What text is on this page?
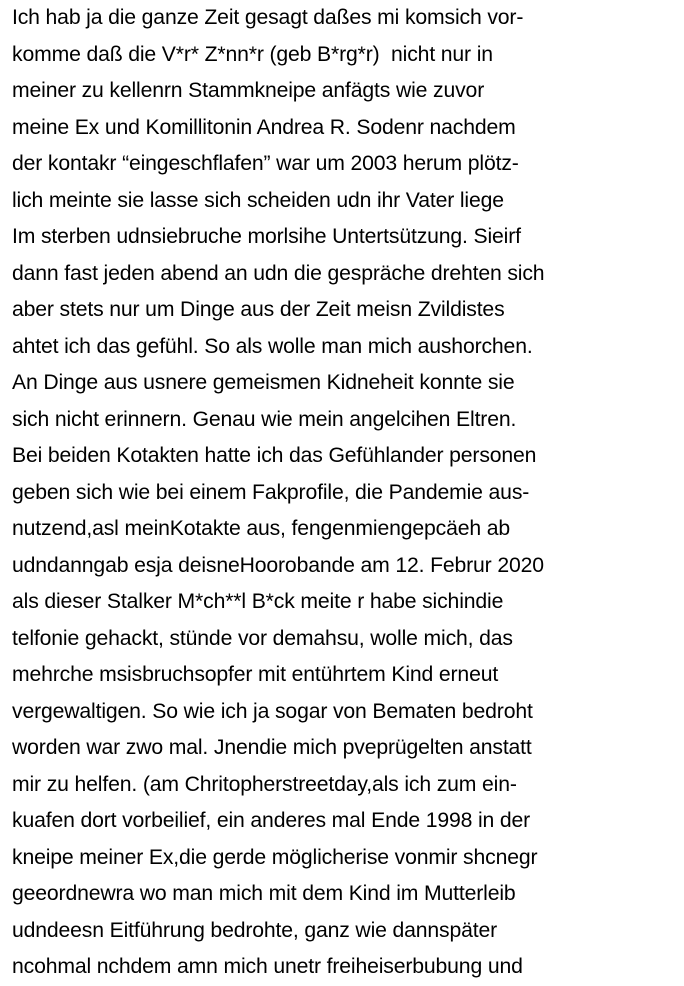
Ich hab ja die ganze Zeit gesagt daßes mi komsich vor-
komme daß die V*r* Z*nn*r (geb B*rg*r)  nicht nur in
meiner zu kellenrn Stammkneipe anfägts wie zuvor
meine Ex und Komillitonin Andrea R. Sodenr nachdem
der kontakr “eingeschflafen” war um 2003 herum plötz-
lich meinte sie lasse sich scheiden udn ihr Vater liege
Im sterben udnsiebruche morlsihe Untertsützung. Sieirf
dann fast jeden abend an udn die gespräche drehten sich
aber stets nur um Dinge aus der Zeit meisn Zvildistes
ahtet ich das gefühl. So als wolle man mich aushorchen.
An Dinge aus usnere gemeismen Kidneheit konnte sie
sich nicht erinnern. Genau wie mein angelcihen Eltren.
Bei beiden Kotakten hatte ich das Gefühlander personen
geben sich wie bei einem Fakprofile, die Pandemie aus-
nutzend,asl meinKotakte aus, fengenmiengepcäeh ab
udndanngab esja deisneHoorobande am 12. Februr 2020
als dieser Stalker M*ch**l B*ck meite r habe sichindie
telfonie gehackt, stünde vor demahsu, wolle mich, das
mehrche msisbruchsopfer mit entührtem Kind erneut
vergewaltigen. So wie ich ja sogar von Bematen bedroht
worden war zwo mal. Jnendie mich pveprügelten anstatt
mir zu helfen. (am Chritopherstreetday,als ich zum ein-
kuafen dort vorbeilief, ein anderes mal Ende 1998 in der
kneipe meiner Ex,die gerde möglicherise vonmir shcnegr
geeordnewra wo man mich mit dem Kind im Mutterleib
udndeesn Eitführung bedrohte, ganz wie dannspäter
ncohmal nchdem amn mich unetr freiheiserbubung und
